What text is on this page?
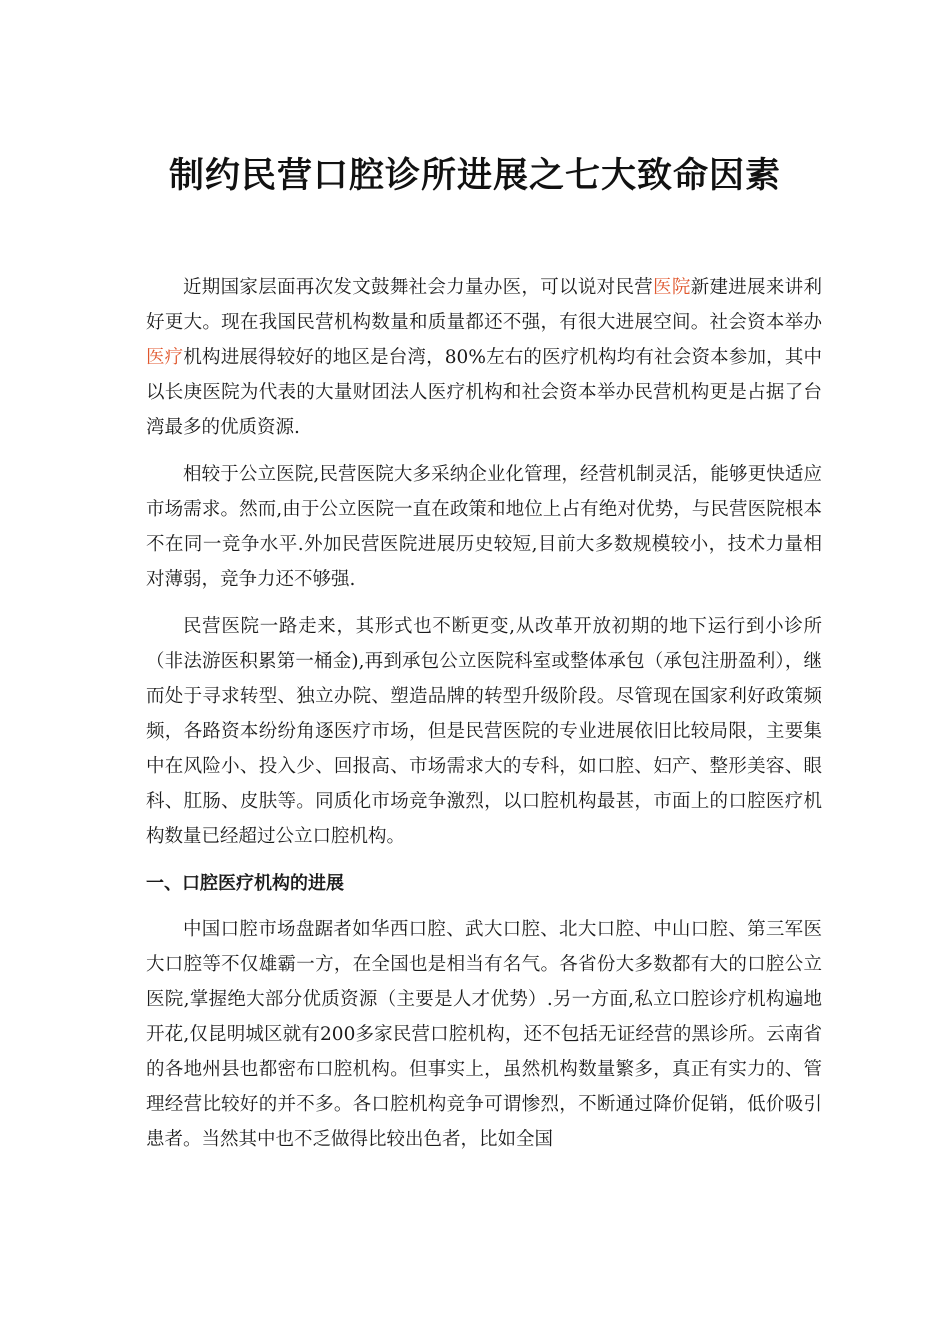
制约民营口腔诊所进展之七大致命因素

近期国家层面再次发文鼓舞社会力量办医，可以说对民营医院新建进展来讲利好更大。现在我国民营机构数量和质量都还不强，有很大进展空间。社会资本举办医疗机构进展得较好的地区是台湾，80%左右的医疗机构均有社会资本参加，其中以长庚医院为代表的大量财团法人医疗机构和社会资本举办民营机构更是占据了台湾最多的优质资源.

相较于公立医院,民营医院大多采纳企业化管理，经营机制灵活，能够更快适应市场需求。然而,由于公立医院一直在政策和地位上占有绝对优势，与民营医院根本不在同一竞争水平.外加民营医院进展历史较短,目前大多数规模较小，技术力量相对薄弱，竞争力还不够强.

民营医院一路走来，其形式也不断更变,从改革开放初期的地下运行到小诊所（非法游医积累第一桶金),再到承包公立医院科室或整体承包（承包注册盈利），继而处于寻求转型、独立办院、塑造品牌的转型升级阶段。尽管现在国家利好政策频频，各路资本纷纷角逐医疗市场，但是民营医院的专业进展依旧比较局限，主要集中在风险小、投入少、回报高、市场需求大的专科，如口腔、妇产、整形美容、眼科、肛肠、皮肤等。同质化市场竞争激烈，以口腔机构最甚，市面上的口腔医疗机构数量已经超过公立口腔机构。

一、口腔医疗机构的进展

中国口腔市场盘踞者如华西口腔、武大口腔、北大口腔、中山口腔、第三军医大口腔等不仅雄霸一方，在全国也是相当有名气。各省份大多数都有大的口腔公立医院,掌握绝大部分优质资源（主要是人才优势）.另一方面,私立口腔诊疗机构遍地开花,仅昆明城区就有200多家民营口腔机构，还不包括无证经营的黑诊所。云南省的各地州县也都密布口腔机构。但事实上，虽然机构数量繁多，真正有实力的、管理经营比较好的并不多。各口腔机构竞争可谓惨烈，不断通过降价促销，低价吸引患者。当然其中也不乏做得比较出色者，比如全国
